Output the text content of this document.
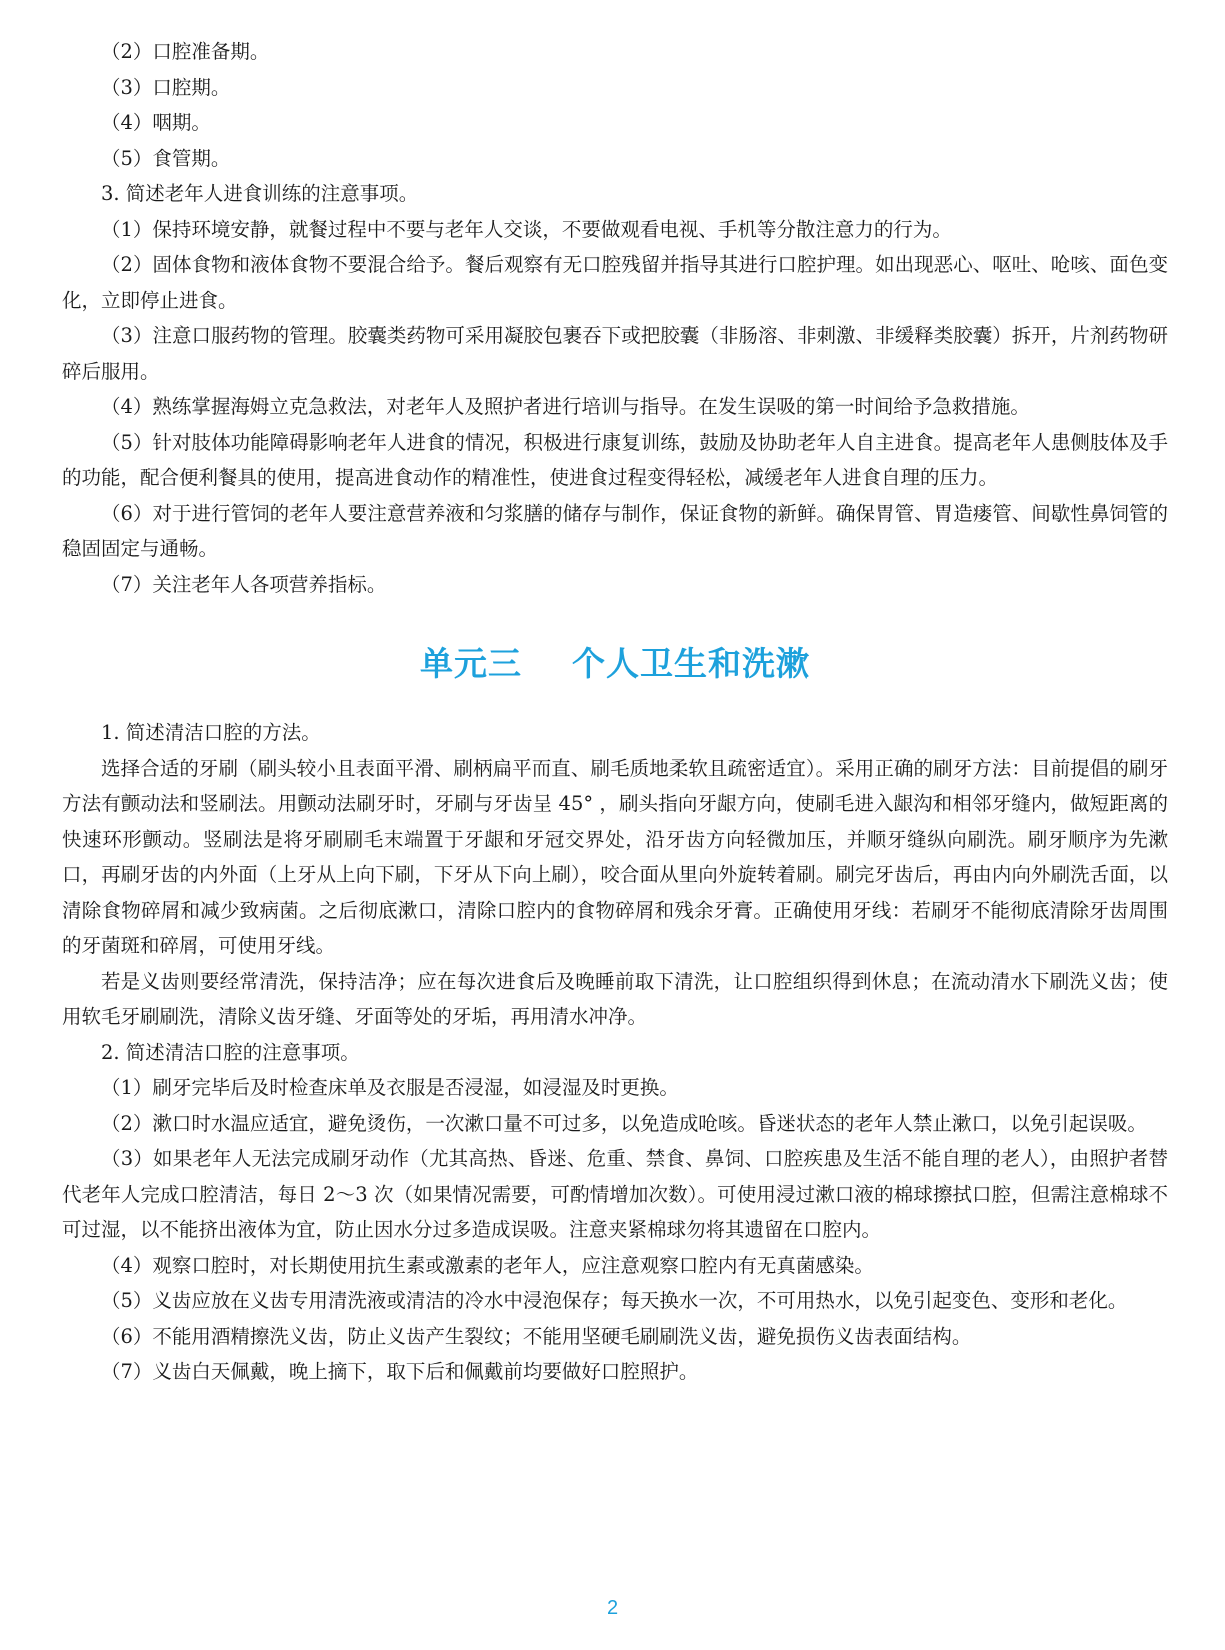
（2）口腔准备期。

（3）口腔期。

（4）咽期。

（5）食管期。

3. 简述老年人进食训练的注意事项。

（1）保持环境安静，就餐过程中不要与老年人交谈，不要做观看电视、手机等分散注意力的行为。

（2）固体食物和液体食物不要混合给予。餐后观察有无口腔残留并指导其进行口腔护理。如出现恶心、呕吐、呛咳、面色变化，立即停止进食。

（3）注意口服药物的管理。胶囊类药物可采用凝胶包裹吞下或把胶囊（非肠溶、非刺激、非缓释类胶囊）拆开，片剂药物研碎后服用。

（4）熟练掌握海姆立克急救法，对老年人及照护者进行培训与指导。在发生误吸的第一时间给予急救措施。

（5）针对肢体功能障碍影响老年人进食的情况，积极进行康复训练，鼓励及协助老年人自主进食。提高老年人患侧肢体及手的功能，配合便利餐具的使用，提高进食动作的精准性，使进食过程变得轻松，减缓老年人进食自理的压力。

（6）对于进行管饲的老年人要注意营养液和匀浆膳的储存与制作，保证食物的新鲜。确保胃管、胃造瘘管、间歇性鼻饲管的稳固固定与通畅。

（7）关注老年人各项营养指标。

单元三    个人卫生和洗漱

1. 简述清洁口腔的方法。

选择合适的牙刷（刷头较小且表面平滑、刷柄扁平而直、刷毛质地柔软且疏密适宜）。采用正确的刷牙方法：目前提倡的刷牙方法有颤动法和竖刷法。用颤动法刷牙时，牙刷与牙齿呈 45° ，刷头指向牙龈方向，使刷毛进入龈沟和相邻牙缝内，做短距离的快速环形颤动。竖刷法是将牙刷刷毛末端置于牙龈和牙冠交界处，沿牙齿方向轻微加压，并顺牙缝纵向刷洗。刷牙顺序为先漱口，再刷牙齿的内外面（上牙从上向下刷，下牙从下向上刷），咬合面从里向外旋转着刷。刷完牙齿后，再由内向外刷洗舌面，以清除食物碎屑和减少致病菌。之后彻底漱口，清除口腔内的食物碎屑和残余牙膏。正确使用牙线：若刷牙不能彻底清除牙齿周围的牙菌斑和碎屑，可使用牙线。

若是义齿则要经常清洗，保持洁净；应在每次进食后及晚睡前取下清洗，让口腔组织得到休息；在流动清水下刷洗义齿；使用软毛牙刷刷洗，清除义齿牙缝、牙面等处的牙垢，再用清水冲净。

2. 简述清洁口腔的注意事项。

（1）刷牙完毕后及时检查床单及衣服是否浸湿，如浸湿及时更换。

（2）漱口时水温应适宜，避免烫伤，一次漱口量不可过多，以免造成呛咳。昏迷状态的老年人禁止漱口，以免引起误吸。

（3）如果老年人无法完成刷牙动作（尤其高热、昏迷、危重、禁食、鼻饲、口腔疾患及生活不能自理的老人），由照护者替代老年人完成口腔清洁，每日 2～3 次（如果情况需要，可酌情增加次数）。可使用浸过漱口液的棉球擦拭口腔，但需注意棉球不可过湿，以不能挤出液体为宜，防止因水分过多造成误吸。注意夹紧棉球勿将其遗留在口腔内。

（4）观察口腔时，对长期使用抗生素或激素的老年人，应注意观察口腔内有无真菌感染。

（5）义齿应放在义齿专用清洗液或清洁的冷水中浸泡保存；每天换水一次，不可用热水，以免引起变色、变形和老化。

（6）不能用酒精擦洗义齿，防止义齿产生裂纹；不能用坚硬毛刷刷洗义齿，避免损伤义齿表面结构。

（7）义齿白天佩戴，晚上摘下，取下后和佩戴前均要做好口腔照护。

2
